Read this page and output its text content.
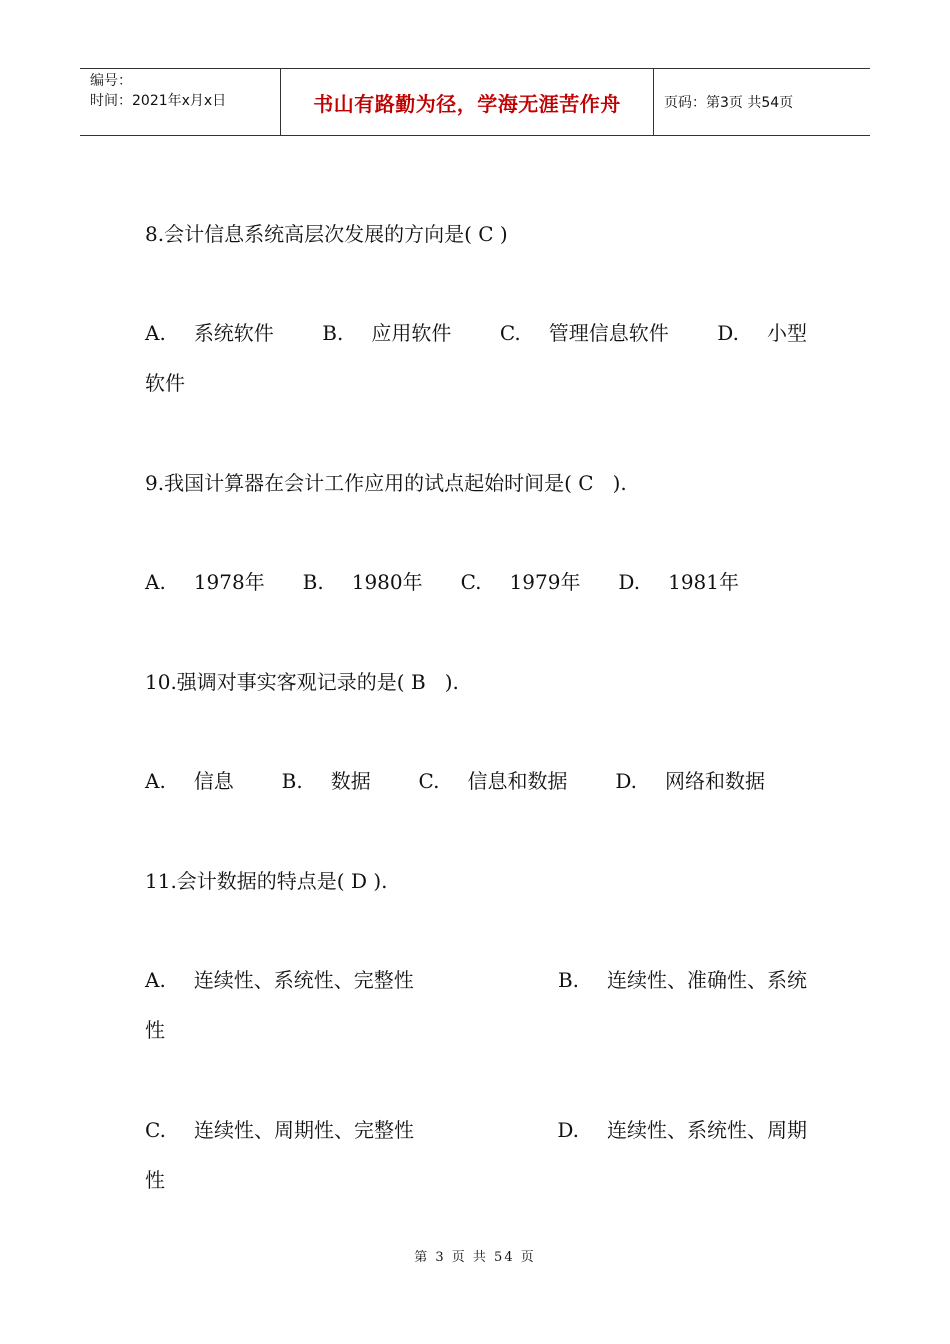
编号：
时间：2021年x月x日	书山有路勤为径，学海无涯苦作舟	页码：第3页 共54页
8.会计信息系统高层次发展的方向是( C )
A. 系统软件 B. 应用软件 C. 管理信息软件 D. 小型
软件
9.我国计算器在会计工作应用的试点起始时间是( C   ).
A. 1978年 B. 1980年 C. 1979年 D. 1981年
10.强调对事实客观记录的是( B   ).
A. 信息 B. 数据 C. 信息和数据 D. 网络和数据
11.会计数据的特点是( D ).
A. 连续性、系统性、完整性	B. 连续性、准确性、系统
性
C. 连续性、周期性、完整性	D. 连续性、系统性、周期
性
第 3 页 共 54 页
